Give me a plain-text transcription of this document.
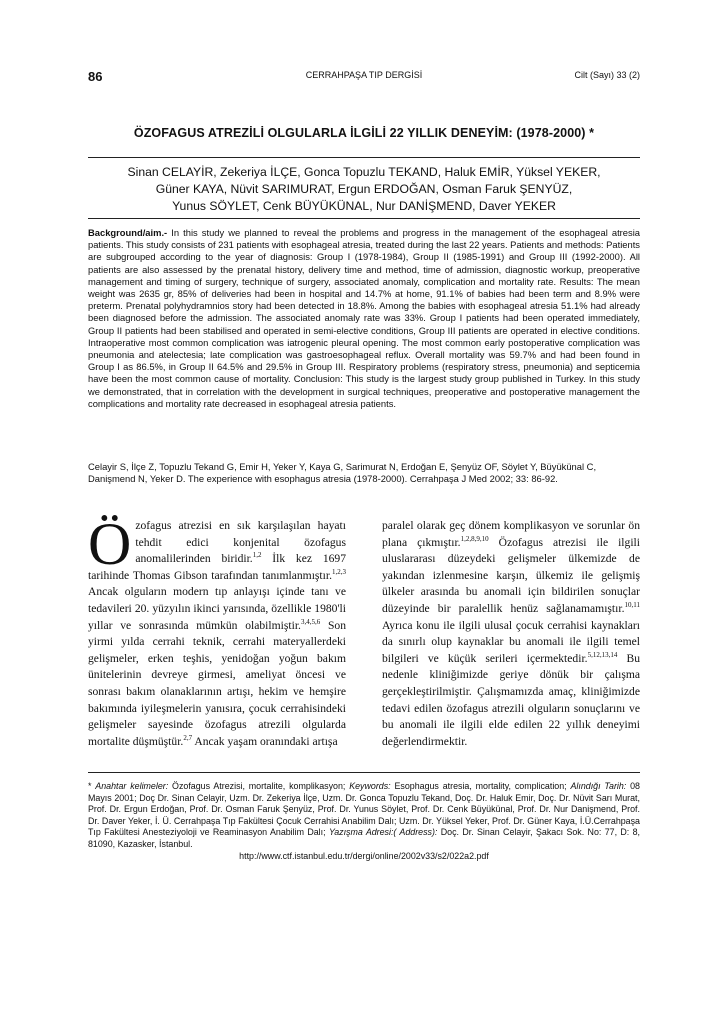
86	CERRAHPAŞA TIP DERGİSİ	Cilt (Sayı) 33 (2)
ÖZOFAGUS ATREZİLİ OLGULARLA İLGİLİ 22 YILLIK DENEYİM: (1978-2000) *
Sinan CELAYİR, Zekeriya İLÇE, Gonca Topuzlu TEKAND, Haluk EMİR, Yüksel YEKER,
Güner KAYA, Nüvit SARIMURAT, Ergun ERDOĞAN, Osman Faruk ŞENYÜZ,
Yunus SÖYLET, Cenk BÜYÜKÜNAL, Nur DANİŞMEND, Daver YEKER
Background/aim.- In this study we planned to reveal the problems and progress in the management of the esophageal atresia patients. This study consists of 231 patients with esophageal atresia, treated during the last 22 years. Patients and methods: Patients are subgrouped according to the year of diagnosis: Group I (1978-1984), Group II (1985-1991) and Group III (1992-2000). All patients are also assessed by the prenatal history, delivery time and method, time of admission, diagnostic workup, preoperative management and timing of surgery, technique of surgery, associated anomaly, complication and mortality rate. Results: The mean weight was 2635 gr, 85% of deliveries had been in hospital and 14.7% at home, 91.1% of babies had been term and 8.9% were preterm. Prenatal polyhydramnios story had been detected in 18.8%. Among the babies with esophageal atresia 51.1% had already been diagnosed before the admission. The associated anomaly rate was 33%. Group I patients had been operated immediately, Group II patients had been stabilised and operated in semi-elective conditions, Group III patients are operated in elective conditions. Intraoperative most common complication was iatrogenic pleural opening. The most common early postoperative complication was pneumonia and atelectesia; late complication was gastroesophageal reflux. Overall mortality was 59.7% and had been found in Group I as 86.5%, in Group II 64.5% and 29.5% in Group III. Respiratory problems (respiratory stress, pneumonia) and septicemia have been the most common cause of mortality. Conclusion: This study is the largest study group published in Turkey. In this study we demonstrated, that in correlation with the development in surgical techniques, preoperative and postoperative management the complications and mortality rate decreased in esophageal atresia patients.
Celayir S, İlçe Z, Topuzlu Tekand G, Emir H, Yeker Y, Kaya G, Sarimurat N, Erdoğan E, Şenyüz OF, Söylet Y, Büyükünal C, Danişmend N, Yeker D. The experience with esophagus atresia (1978-2000). Cerrahpaşa J Med 2002; 33: 86-92.
Özofagus atrezisi en sık karşılaşılan hayatı tehdit edici konjenital özofagus anomalilerinden biridir.$^{1,2}$ İlk kez 1697 tarihinde Thomas Gibson tarafından tanımlanmıştır.$^{1,2,3}$ Ancak olguların modern tıp anlayışı içinde tanı ve tedavileri 20. yüzyılın ikinci yarısında, özellikle 1980'li yıllar ve sonrasında mümkün olabilmiştir.$^{3,4,5,6}$ Son yirmi yılda cerrahi teknik, cerrahi materyallerdeki gelişmeler, erken teşhis, yenidoğan yoğun bakım ünitelerinin devreye girmesi, ameliyat öncesi ve sonrası bakım olanaklarının artışı, hekim ve hemşire bakımında iyileşmelerin yanısıra, çocuk cerrahisindeki gelişmeler sayesinde özofagus atrezili olgularda mortalite düşmüştür.$^{2,7}$ Ancak yaşam oranındaki artışa
paralel olarak geç dönem komplikasyon ve sorunlar ön plana çıkmıştır.$^{1,2,8,9,10}$ Özofagus atrezisi ile ilgili uluslararası düzeydeki gelişmeler ülkemizde de yakından izlenmesine karşın, ülkemiz ile gelişmiş ülkeler arasında bu anomali için bildirilen sonuçlar düzeyinde bir paralellik henüz sağlanamamıştır.$^{10,11}$ Ayrıca konu ile ilgili ulusal çocuk cerrahisi kaynakları da sınırlı olup kaynaklar bu anomali ile ilgili temel bilgileri ve küçük serileri içermektedir.$^{5,12,13,14}$ Bu nedenle kliniğimizde geriye dönük bir çalışma gerçekleştirilmiştir. Çalışmamızda amaç, kliniğimizde tedavi edilen özofagus atrezili olguların sonuçlarını ve bu anomali ile ilgili elde edilen 22 yıllık deneyimi değerlendirmektir.
* Anahtar kelimeler: Özofagus Atrezisi, mortalite, komplikasyon; Keywords: Esophagus atresia, mortality, complication; Alındığı Tarih: 08 Mayıs 2001; Doç Dr. Sinan Celayir, Uzm. Dr. Zekeriya İlçe, Uzm. Dr. Gonca Topuzlu Tekand, Doç. Dr. Haluk Emir, Doç. Dr. Nüvit Sarı Murat, Prof. Dr. Ergun Erdoğan, Prof. Dr. Osman Faruk Şenyüz, Prof. Dr. Yunus Söylet, Prof. Dr. Cenk Büyükünal, Prof. Dr. Nur Danişmend, Prof. Dr. Daver Yeker, İ. Ü. Cerrahpaşa Tıp Fakültesi Çocuk Cerrahisi Anabilim Dalı; Uzm. Dr. Yüksel Yeker, Prof. Dr. Güner Kaya, İ.Ü.Cerrahpaşa Tıp Fakültesi Anesteziyoloji ve Reaminasyon Anabilim Dalı; Yazışma Adresi:( Address): Doç. Dr. Sinan Celayir, Şakacı Sok. No: 77, D: 8, 81090, Kazasker, İstanbul.
http://www.ctf.istanbul.edu.tr/dergi/online/2002v33/s2/022a2.pdf
